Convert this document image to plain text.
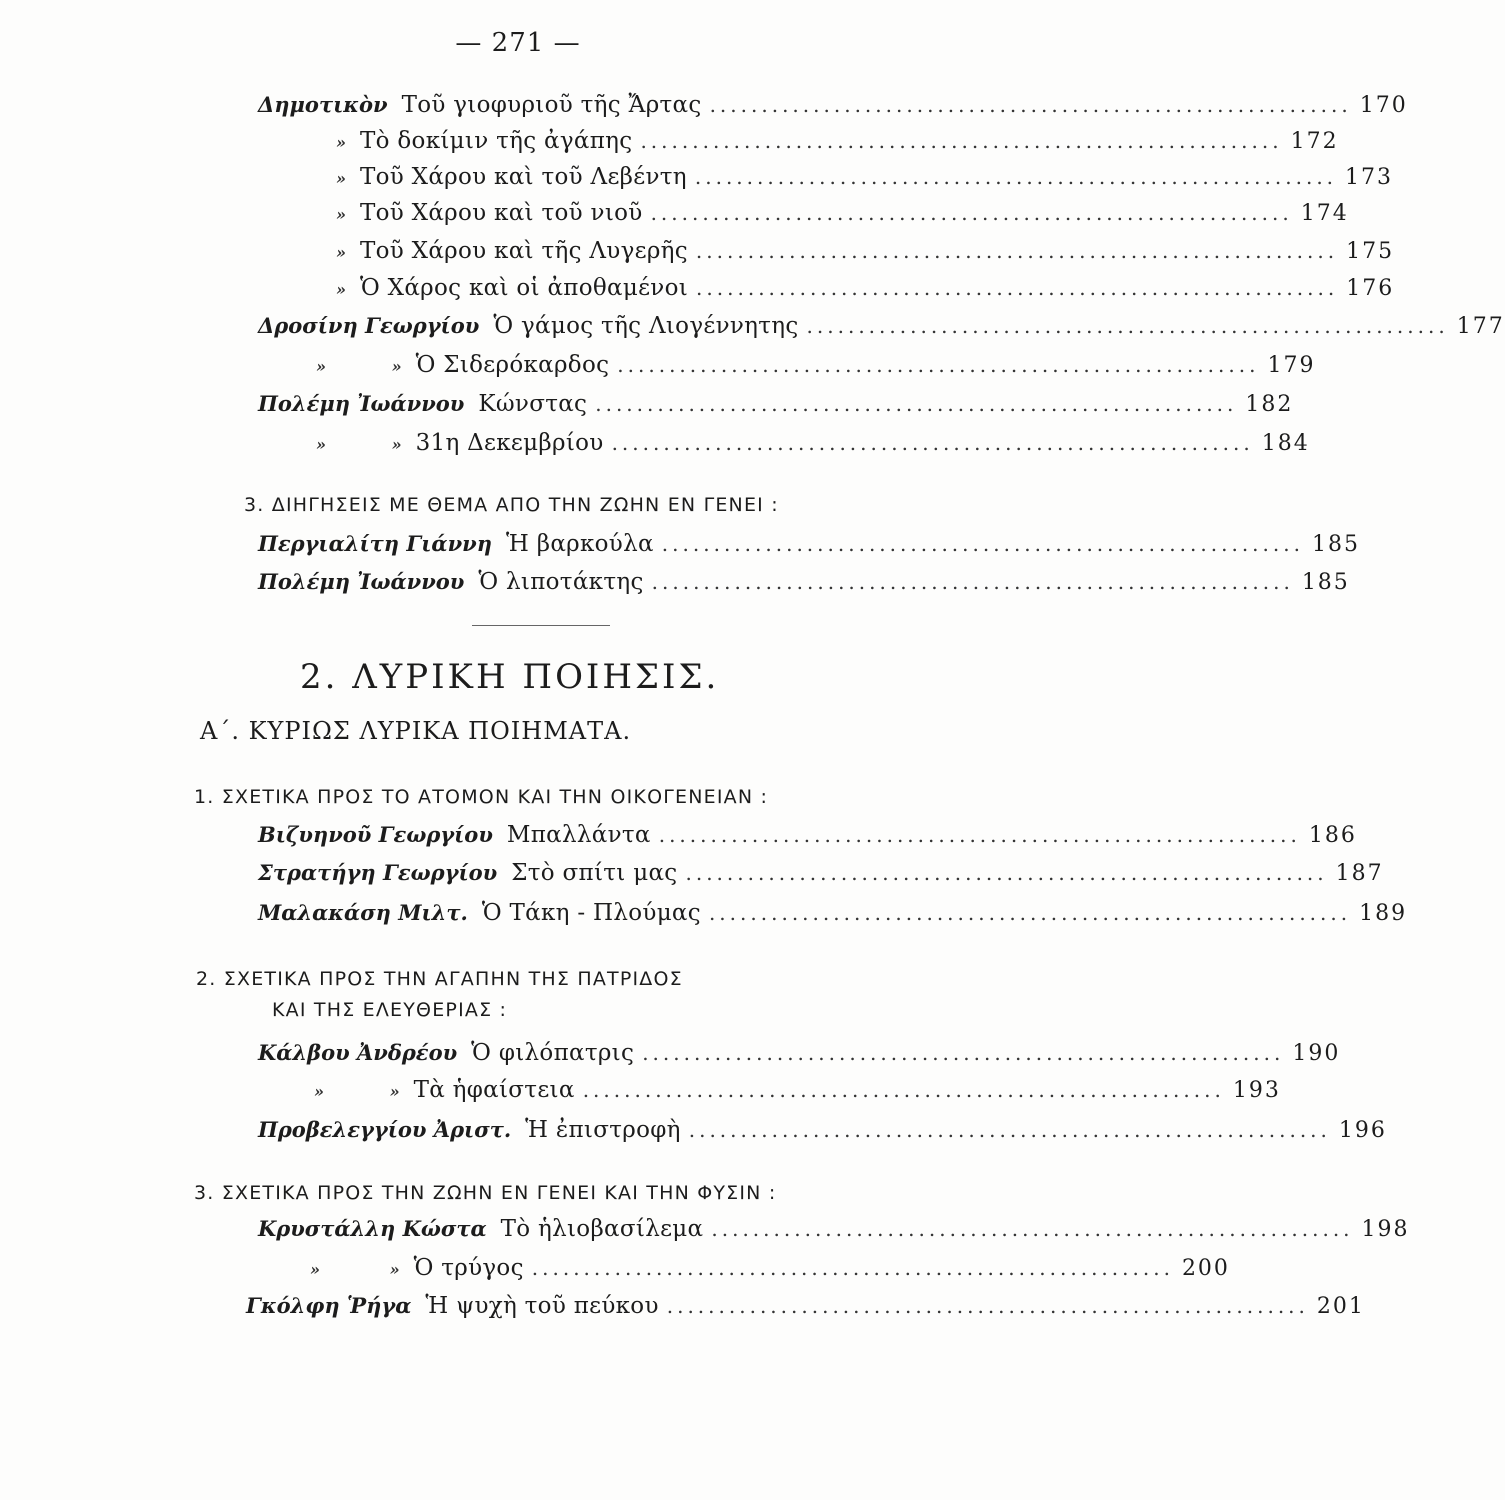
— 271 —
Δημοτικὸν Τοῦ γιοφυριοῦ τῆς Ἄρτας .............................................................. 170
» Τὸ δοκίμιν τῆς ἀγάπης .............................................................. 172
» Τοῦ Χάρου καὶ τοῦ Λεβέντη .............................................................. 173
» Τοῦ Χάρου καὶ τοῦ νιοῦ .............................................................. 174
» Τοῦ Χάρου καὶ τῆς Λυγερῆς .............................................................. 175
» Ὁ Χάρος καὶ οἱ ἀποθαμένοι .............................................................. 176
Δροσίνη Γεωργίου Ὁ γάμος τῆς Λιογέννητης .............................................................. 177
» » Ὁ Σιδερόκαρδος .............................................................. 179
Πολέμη Ἰωάννου Κώνστας .............................................................. 182
» » 31η Δεκεμβρίου .............................................................. 184
3. ΔΙΗΓΗΣΕΙΣ ΜΕ ΘΕΜΑ ΑΠΟ ΤΗΝ ΖΩΗΝ ΕΝ ΓΕΝΕΙ :
Περγιαλίτη Γιάννη Ἡ βαρκούλα .............................................................. 185
Πολέμη Ἰωάννου Ὁ λιποτάκτης .............................................................. 185
2. ΛΥΡΙΚΗ ΠΟΙΗΣΙΣ.
Α΄. ΚΥΡΙΩΣ ΛΥΡΙΚΑ ΠΟΙΗΜΑΤΑ.
1. ΣΧΕΤΙΚΑ ΠΡΟΣ ΤΟ ΑΤΟΜΟΝ ΚΑΙ ΤΗΝ ΟΙΚΟΓΕΝΕΙΑΝ :
Βιζυηνοῦ Γεωργίου Μπαλλάντα .............................................................. 186
Στρατήγη Γεωργίου Στὸ σπίτι μας .............................................................. 187
Μαλακάση Μιλτ. Ὁ Τάκη - Πλούμας .............................................................. 189
2. ΣΧΕΤΙΚΑ ΠΡΟΣ ΤΗΝ ΑΓΑΠΗΝ ΤΗΣ ΠΑΤΡΙΔΟΣ
ΚΑΙ ΤΗΣ ΕΛΕΥΘΕΡΙΑΣ :
Κάλβου Ἀνδρέου Ὁ φιλόπατρις .............................................................. 190
» » Τὰ ἡφαίστεια .............................................................. 193
Προβελεγγίου Ἀριστ. Ἡ ἐπιστροφὴ .............................................................. 196
3. ΣΧΕΤΙΚΑ ΠΡΟΣ ΤΗΝ ΖΩΗΝ ΕΝ ΓΕΝΕΙ ΚΑΙ ΤΗΝ ΦΥΣΙΝ :
Κρυστάλλη Κώστα Τὸ ἡλιοβασίλεμα .............................................................. 198
» » Ὁ τρύγος .............................................................. 200
Γκόλφη Ῥήγα Ἡ ψυχὴ τοῦ πεύκου .............................................................. 201
